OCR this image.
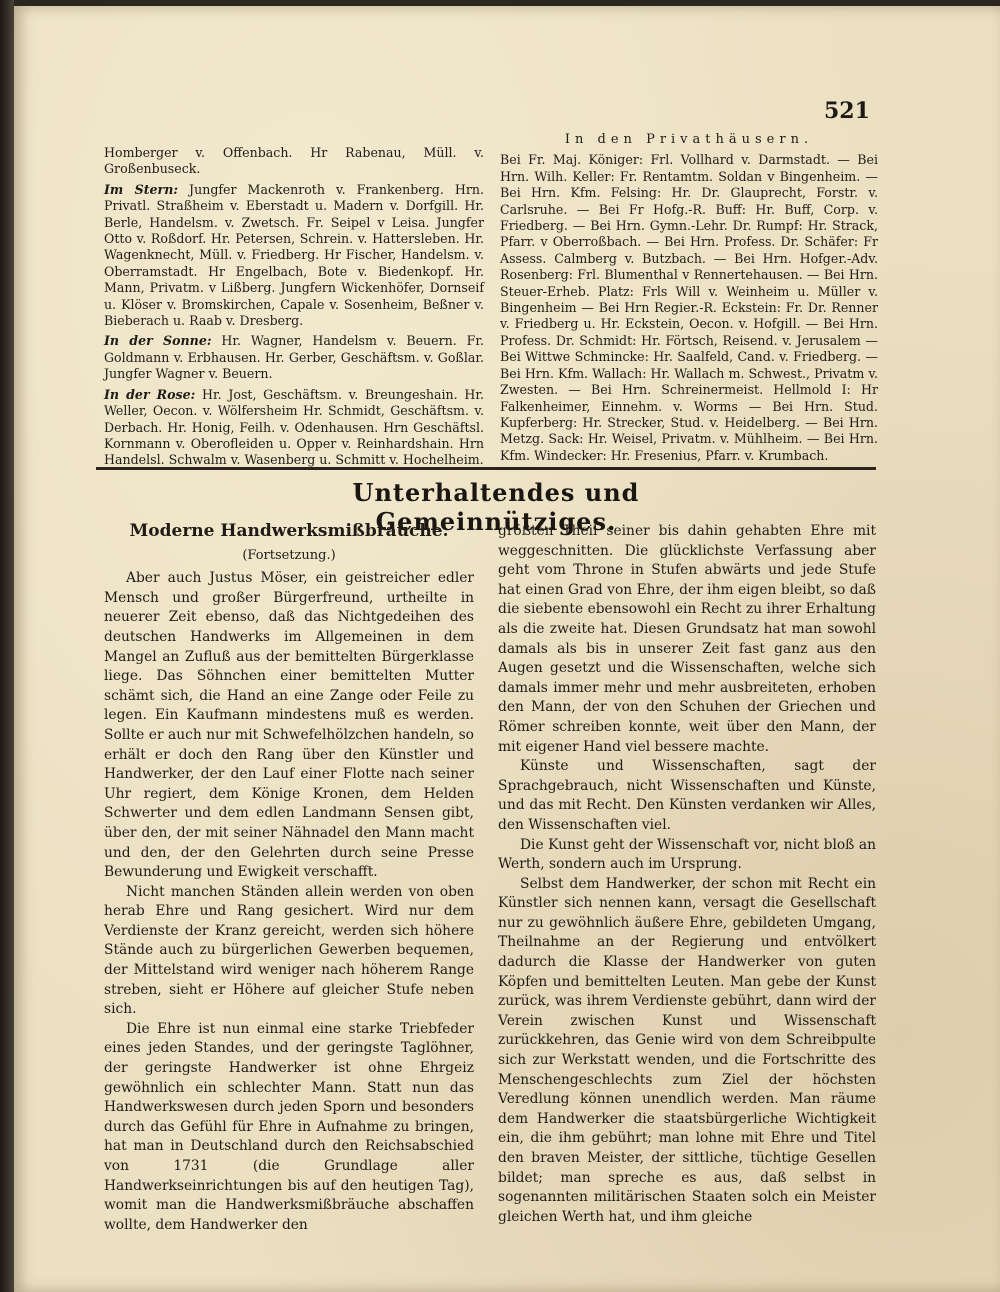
521

Homberger v. Offenbach. Hr Rabenau, Müll. v. Großenbuseck.

Im Stern: Jungfer Mackenroth v. Frankenberg. Hrn. Privatl. Straßheim v. Eberstadt u. Madern v. Dorfgill. Hr. Berle, Handelsm. v. Zwetsch. Fr. Seipel v Leisa. Jungfer Otto v. Roßdorf. Hr. Petersen, Schrein. v. Hattersleben. Hr. Wagenknecht, Müll. v. Friedberg. Hr Fischer, Handelsm. v. Oberramstadt. Hr Engelbach, Bote v. Biedenkopf. Hr. Mann, Privatm. v Lißberg. Jungfern Wickenhöfer, Dornseif u. Klöser v. Bromskirchen, Capale v. Sosenheim, Beßner v. Bieberach u. Raab v. Dresberg.

In der Sonne: Hr. Wagner, Handelsm v. Beuern. Fr. Goldmann v. Erbhausen. Hr. Gerber, Geschäftsm. v. Goßlar. Jungfer Wagner v. Beuern.

In der Rose: Hr. Jost, Geschäftsm. v. Breungeshain. Hr. Weller, Oecon. v. Wölfersheim Hr. Schmidt, Geschäftsm. v. Derbach. Hr. Honig, Feilh. v. Odenhausen. Hrn Geschäftsl. Kornmann v. Oberofleiden u. Opper v. Reinhardshain. Hrn Handelsl. Schwalm v. Wasenberg u. Schmitt v. Hochelheim.

In den Privathäusern.

Bei Fr. Maj. Königer: Frl. Vollhard v. Darmstadt. — Bei Hrn. Wilh. Keller: Fr. Rentamtm. Soldan v Bingenheim. — Bei Hrn. Kfm. Felsing: Hr. Dr. Glauprecht, Forstr. v. Carlsruhe. — Bei Fr Hofg.-R. Buff: Hr. Buff, Corp. v. Friedberg. — Bei Hrn. Gymn.-Lehr. Dr. Rumpf: Hr. Strack, Pfarr. v Oberroßbach. — Bei Hrn. Profess. Dr. Schäfer: Fr Assess. Calmberg v. Butzbach. — Bei Hrn. Hofger.-Adv. Rosenberg: Frl. Blumenthal v Rennertehausen. — Bei Hrn. Steuer-Erheb. Platz: Frls Will v. Weinheim u. Müller v. Bingenheim — Bei Hrn Regier.-R. Eckstein: Fr. Dr. Renner v. Friedberg u. Hr. Eckstein, Oecon. v. Hofgill. — Bei Hrn. Profess. Dr. Schmidt: Hr. Förtsch, Reisend. v. Jerusalem — Bei Wittwe Schmincke: Hr. Saalfeld, Cand. v. Friedberg. — Bei Hrn. Kfm. Wallach: Hr. Wallach m. Schwest., Privatm v. Zwesten. — Bei Hrn. Schreinermeist. Hellmold I: Hr Falkenheimer, Einnehm. v. Worms — Bei Hrn. Stud. Kupferberg: Hr. Strecker, Stud. v. Heidelberg. — Bei Hrn. Metzg. Sack: Hr. Weisel, Privatm. v. Mühlheim. — Bei Hrn. Kfm. Windecker: Hr. Fresenius, Pfarr. v. Krumbach.

Unterhaltendes und Gemeinnütziges.
Moderne Handwerksmißbräuche.
(Fortsetzung.)

Aber auch Justus Möser, ein geistreicher edler Mensch und großer Bürgerfreund, urtheilte in neuerer Zeit ebenso, daß das Nichtgedeihen des deutschen Handwerks im Allgemeinen in dem Mangel an Zufluß aus der bemittelten Bürgerklasse liege. Das Söhnchen einer bemittelten Mutter schämt sich, die Hand an eine Zange oder Feile zu legen. Ein Kaufmann mindestens muß es werden. Sollte er auch nur mit Schwefelhölzchen handeln, so erhält er doch den Rang über den Künstler und Handwerker, der den Lauf einer Flotte nach seiner Uhr regiert, dem Könige Kronen, dem Helden Schwerter und dem edlen Landmann Sensen gibt, über den, der mit seiner Nähnadel den Mann macht und den, der den Gelehrten durch seine Presse Bewunderung und Ewigkeit verschafft.

Nicht manchen Ständen allein werden von oben herab Ehre und Rang gesichert. Wird nur dem Verdienste der Kranz gereicht, werden sich höhere Stände auch zu bürgerlichen Gewerben bequemen, der Mittelstand wird weniger nach höherem Range streben, sieht er Höhere auf gleicher Stufe neben sich.

Die Ehre ist nun einmal eine starke Triebfeder eines jeden Standes, und der geringste Taglöhner, der geringste Handwerker ist ohne Ehrgeiz gewöhnlich ein schlechter Mann. Statt nun das Handwerkswesen durch jeden Sporn und besonders durch das Gefühl für Ehre in Aufnahme zu bringen, hat man in Deutschland durch den Reichsabschied von 1731 (die Grundlage aller Handwerkseinrichtungen bis auf den heutigen Tag), womit man die Handwerksmißbräuche abschaffen wollte, dem Handwerker den

größten Theil seiner bis dahin gehabten Ehre mit weggeschnitten. Die glücklichste Verfassung aber geht vom Throne in Stufen abwärts und jede Stufe hat einen Grad von Ehre, der ihm eigen bleibt, so daß die siebente ebensowohl ein Recht zu ihrer Erhaltung als die zweite hat. Diesen Grundsatz hat man sowohl damals als bis in unserer Zeit fast ganz aus den Augen gesetzt und die Wissenschaften, welche sich damals immer mehr und mehr ausbreiteten, erhoben den Mann, der von den Schuhen der Griechen und Römer schreiben konnte, weit über den Mann, der mit eigener Hand viel bessere machte.

Künste und Wissenschaften, sagt der Sprachgebrauch, nicht Wissenschaften und Künste, und das mit Recht. Den Künsten verdanken wir Alles, den Wissenschaften viel.

Die Kunst geht der Wissenschaft vor, nicht bloß an Werth, sondern auch im Ursprung.

Selbst dem Handwerker, der schon mit Recht ein Künstler sich nennen kann, versagt die Gesellschaft nur zu gewöhnlich äußere Ehre, gebildeten Umgang, Theilnahme an der Regierung und entvölkert dadurch die Klasse der Handwerker von guten Köpfen und bemittelten Leuten. Man gebe der Kunst zurück, was ihrem Verdienste gebührt, dann wird der Verein zwischen Kunst und Wissenschaft zurückkehren, das Genie wird von dem Schreibpulte sich zur Werkstatt wenden, und die Fortschritte des Menschengeschlechts zum Ziel der höchsten Veredlung können unendlich werden. Man räume dem Handwerker die staatsbürgerliche Wichtigkeit ein, die ihm gebührt; man lohne mit Ehre und Titel den braven Meister, der sittliche, tüchtige Gesellen bildet; man spreche es aus, daß selbst in sogenannten militärischen Staaten solch ein Meister gleichen Werth hat, und ihm gleiche
